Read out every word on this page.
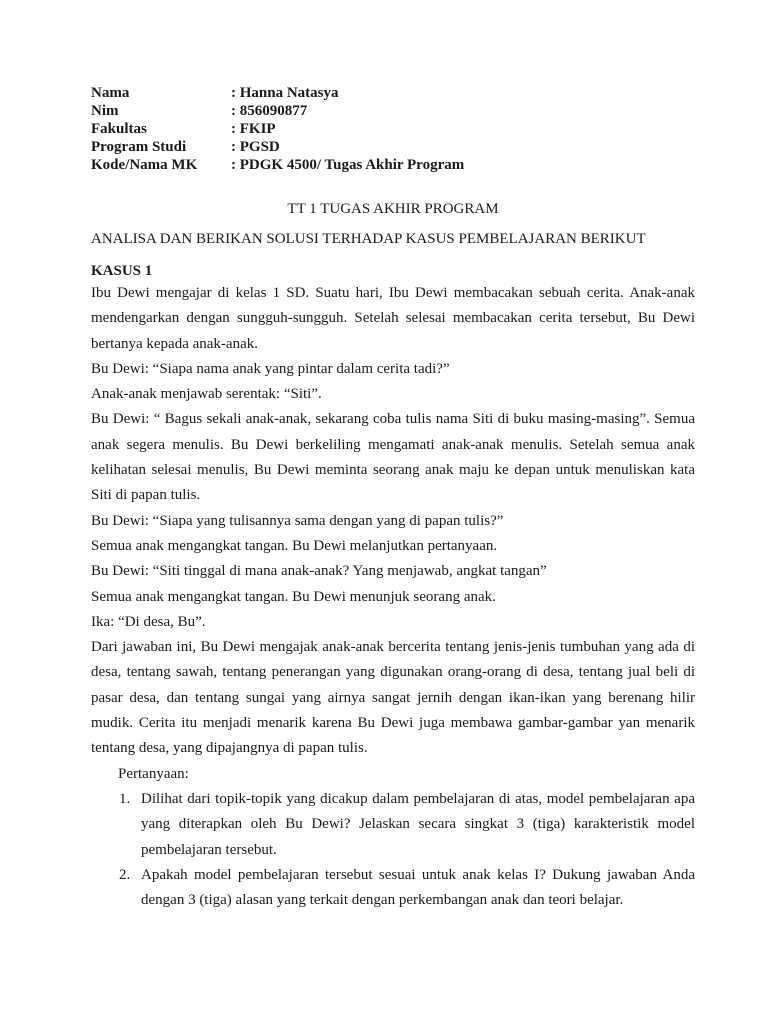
Nama	: Hanna Natasya
Nim	: 856090877
Fakultas	: FKIP
Program Studi	: PGSD
Kode/Nama MK	: PDGK 4500/ Tugas Akhir Program
TT 1 TUGAS AKHIR PROGRAM
ANALISA DAN BERIKAN SOLUSI TERHADAP KASUS PEMBELAJARAN BERIKUT
KASUS 1

Ibu Dewi mengajar di kelas 1 SD. Suatu hari, Ibu Dewi membacakan sebuah cerita. Anak-anak mendengarkan dengan sungguh-sungguh. Setelah selesai membacakan cerita tersebut, Bu Dewi bertanya kepada anak-anak.

Bu Dewi: “Siapa nama anak yang pintar dalam cerita tadi?”

Anak-anak menjawab serentak: “Siti”.

Bu Dewi: “ Bagus sekali anak-anak, sekarang coba tulis nama Siti di buku masing-masing”. Semua anak segera menulis. Bu Dewi berkeliling mengamati anak-anak menulis. Setelah semua anak kelihatan selesai menulis, Bu Dewi meminta seorang anak maju ke depan untuk menuliskan kata Siti di papan tulis.

Bu Dewi: “Siapa yang tulisannya sama dengan yang di papan tulis?”

Semua anak mengangkat tangan. Bu Dewi melanjutkan pertanyaan.

Bu Dewi: “Siti tinggal di mana anak-anak? Yang menjawab, angkat tangan”

Semua anak mengangkat tangan. Bu Dewi menunjuk seorang anak.

Ika: “Di desa, Bu”.

Dari jawaban ini, Bu Dewi mengajak anak-anak bercerita tentang jenis-jenis tumbuhan yang ada di desa, tentang sawah, tentang penerangan yang digunakan orang-orang di desa, tentang jual beli di pasar desa, dan tentang sungai yang airnya sangat jernih dengan ikan-ikan yang berenang hilir mudik. Cerita itu menjadi menarik karena Bu Dewi juga membawa gambar-gambar yan menarik tentang desa, yang dipajangnya di papan tulis.

Pertanyaan:

1. Dilihat dari topik-topik yang dicakup dalam pembelajaran di atas, model pembelajaran apa yang diterapkan oleh Bu Dewi? Jelaskan secara singkat 3 (tiga) karakteristik model pembelajaran tersebut.
2. Apakah model pembelajaran tersebut sesuai untuk anak kelas I? Dukung jawaban Anda dengan 3 (tiga) alasan yang terkait dengan perkembangan anak dan teori belajar.
